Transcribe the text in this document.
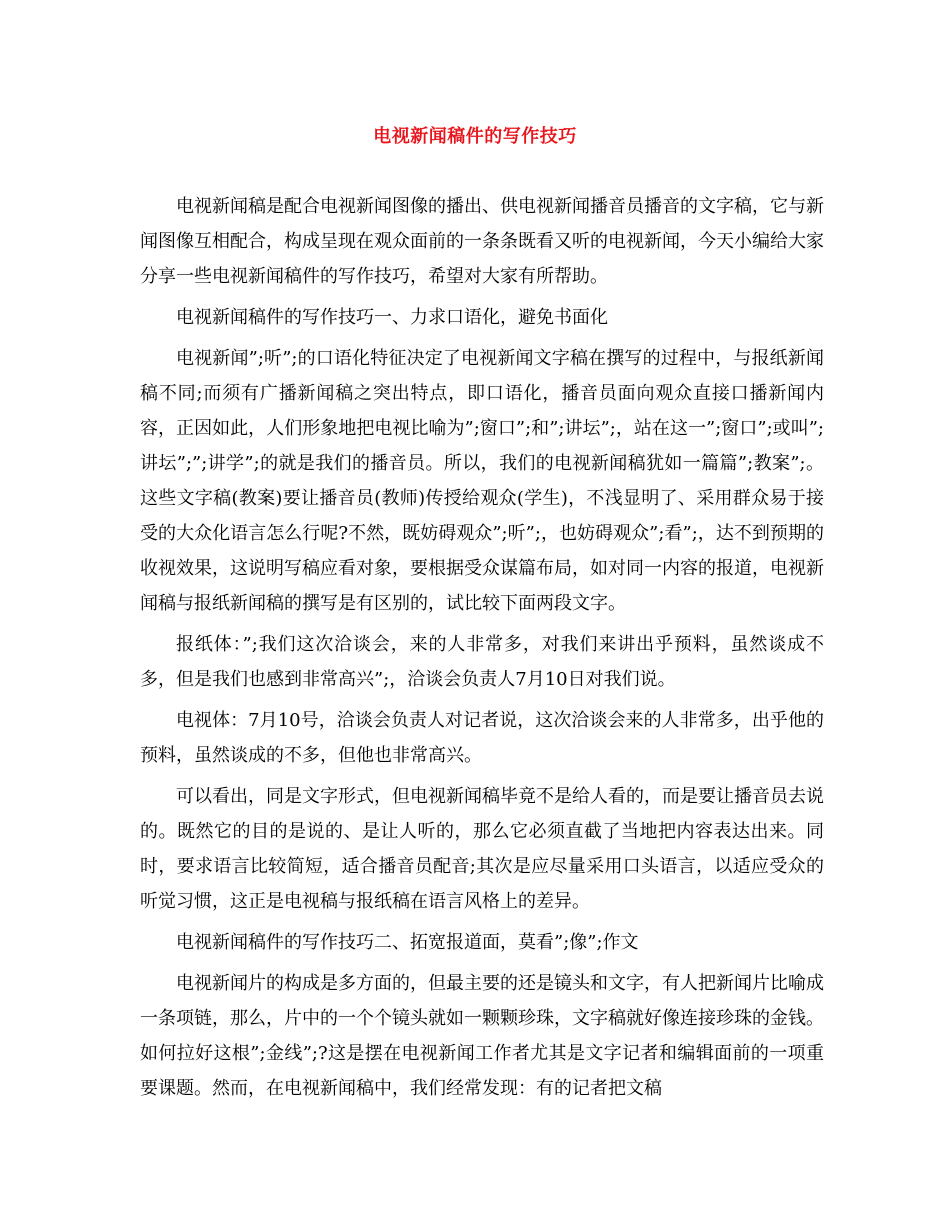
电视新闻稿件的写作技巧

电视新闻稿是配合电视新闻图像的播出、供电视新闻播音员播音的文字稿，它与新闻图像互相配合，构成呈现在观众面前的一条条既看又听的电视新闻，今天小编给大家分享一些电视新闻稿件的写作技巧，希望对大家有所帮助。

电视新闻稿件的写作技巧一、力求口语化，避免书面化

电视新闻”;听”;的口语化特征决定了电视新闻文字稿在撰写的过程中，与报纸新闻稿不同;而须有广播新闻稿之突出特点，即口语化，播音员面向观众直接口播新闻内容，正因如此，人们形象地把电视比喻为”;窗口”;和”;讲坛”;，站在这一”;窗口”;或叫”;讲坛”;”;讲学”;的就是我们的播音员。所以，我们的电视新闻稿犹如一篇篇”;教案”;。这些文字稿(教案)要让播音员(教师)传授给观众(学生)，不浅显明了、采用群众易于接受的大众化语言怎么行呢?不然，既妨碍观众”;听”;，也妨碍观众”;看”;，达不到预期的收视效果，这说明写稿应看对象，要根据受众谋篇布局，如对同一内容的报道，电视新闻稿与报纸新闻稿的撰写是有区别的，试比较下面两段文字。

报纸体：”;我们这次洽谈会，来的人非常多，对我们来讲出乎预料，虽然谈成不多，但是我们也感到非常高兴”;，洽谈会负责人7月10日对我们说。

电视体：7月10号，洽谈会负责人对记者说，这次洽谈会来的人非常多，出乎他的预料，虽然谈成的不多，但他也非常高兴。

可以看出，同是文字形式，但电视新闻稿毕竟不是给人看的，而是要让播音员去说的。既然它的目的是说的、是让人听的，那么它必须直截了当地把内容表达出来。同时，要求语言比较简短，适合播音员配音;其次是应尽量采用口头语言，以适应受众的听觉习惯，这正是电视稿与报纸稿在语言风格上的差异。

电视新闻稿件的写作技巧二、拓宽报道面，莫看”;像”;作文

电视新闻片的构成是多方面的，但最主要的还是镜头和文字，有人把新闻片比喻成一条项链，那么，片中的一个个镜头就如一颗颗珍珠，文字稿就好像连接珍珠的金钱。如何拉好这根”;金线”;?这是摆在电视新闻工作者尤其是文字记者和编辑面前的一项重要课题。然而，在电视新闻稿中，我们经常发现：有的记者把文稿
